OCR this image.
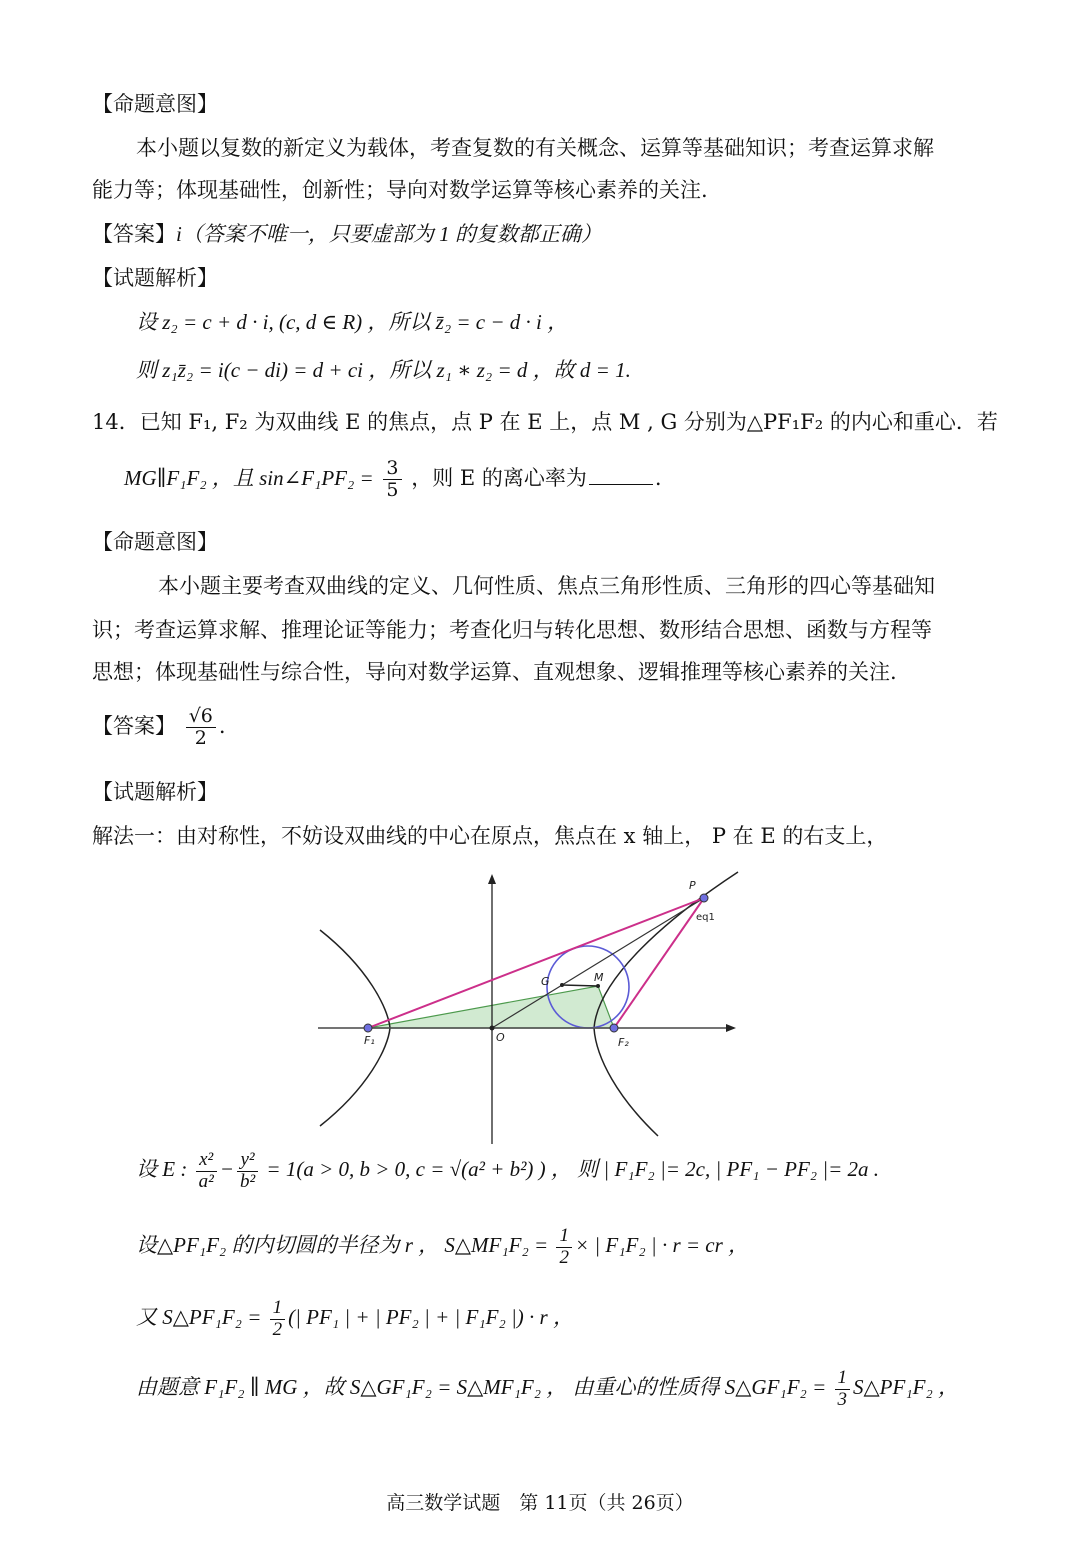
【命题意图】
本小题以复数的新定义为载体，考查复数的有关概念、运算等基础知识；考查运算求解
能力等；体现基础性，创新性；导向对数学运算等核心素养的关注.
【答案】i（答案不唯一，只要虚部为 1 的复数都正确）
【试题解析】
设 z₂ = c + d · i, (c, d ∈ R) ，所以 z̄₂ = c − d · i ，
则 z₁z̄₂ = i(c − di) = d + ci ，所以 z₁ ∗ z₂ = d ，故 d = 1.
14．已知 F₁, F₂ 为双曲线 E 的焦点，点 P 在 E 上，点 M , G 分别为△PF₁F₂ 的内心和重心．若
MG∥F₁F₂ ，且 sin∠F₁PF₂ = $\frac{3}{5}$ ，则 E 的离心率为	.
【命题意图】
本小题主要考查双曲线的定义、几何性质、焦点三角形性质、三角形的四心等基础知
识；考查运算求解、推理论证等能力；考查化归与转化思想、数形结合思想、函数与方程等
思想；体现基础性与综合性，导向对数学运算、直观想象、逻辑推理等核心素养的关注.
【答案】 $\frac{√6}{2}$ .
【试题解析】
解法一：由对称性，不妨设双曲线的中心在原点，焦点在 x 轴上， P 在 E 的右支上，
P
eq1
G	M
F₁	O	F₂
设 E : $\frac{\text{x²}}{\text{a²}} - \frac{\text{y²}}{\text{b²}} = 1(a > 0$, b > 0, c = √(a² + b²) ) ， 则 | F₁F₂ |= 2c, | PF₁ − PF₂ |= 2a .
设△PF₁F₂ 的内切圆的半径为 r ， S△MF₁F₂ = $\frac{1}{2}$ × | F₁F₂ | · r = cr ，
又 S△PF₁F₂ = $\frac{1}{2}$ (| PF₁ | + | PF₂ | + | F₁F₂ |) · r ，
由题意 F₁F₂ ∥ MG ，故 S△GF₁F₂ = S△MF₁F₂ ， 由重心的性质得 S△GF₁F₂ = $\frac{1}{3}$ S△PF₁F₂ ，
高三数学试题　第 11页（共 26页）
